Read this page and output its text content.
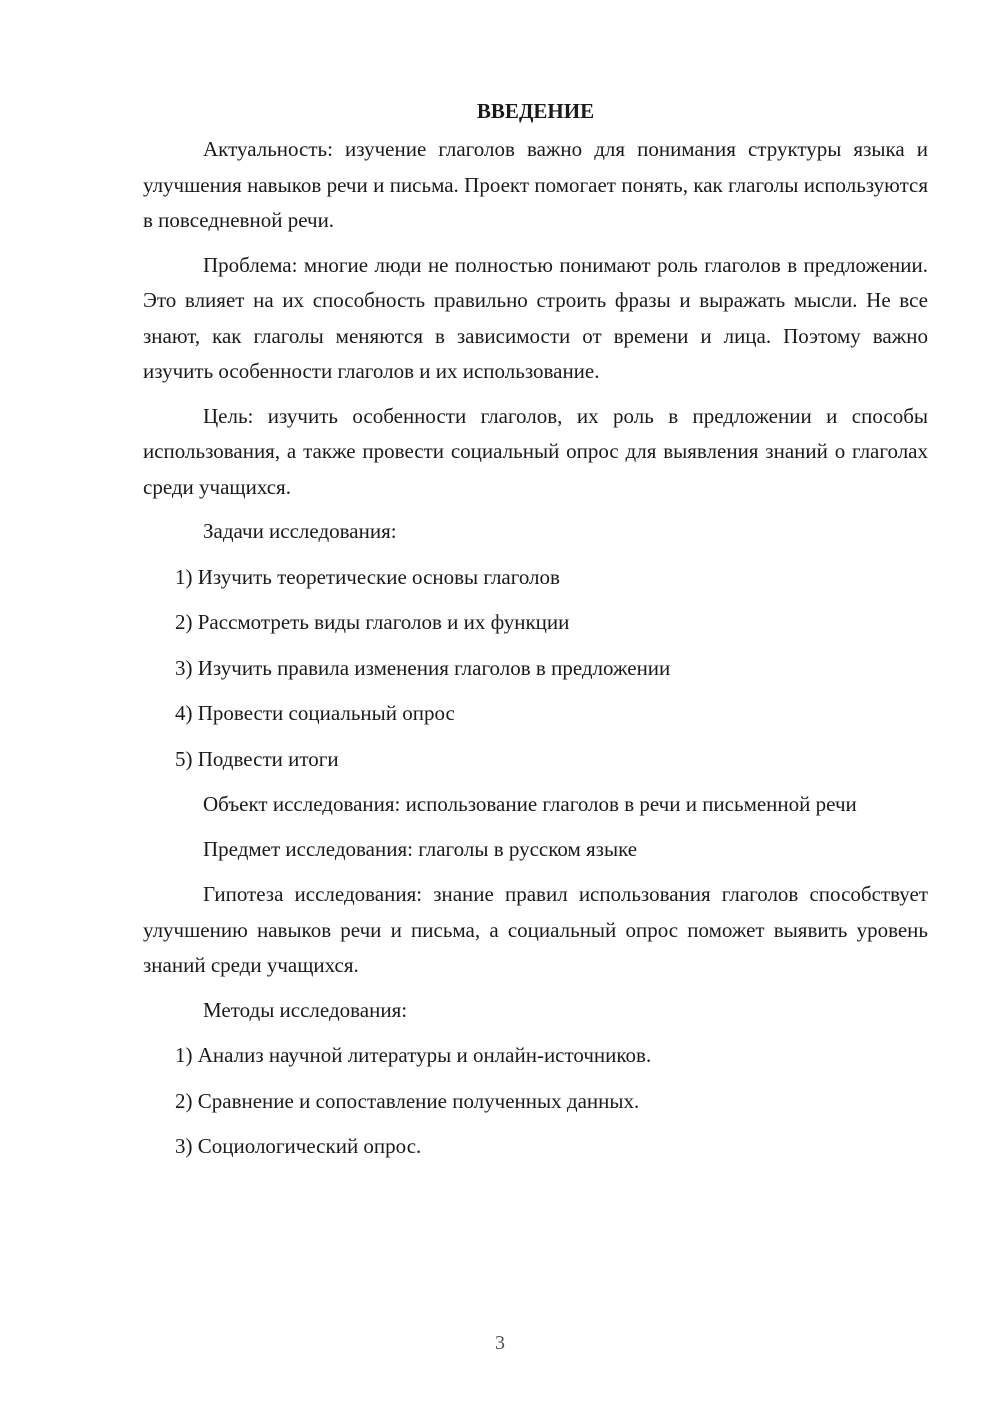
ВВЕДЕНИЕ

Актуальность: изучение глаголов важно для понимания структуры языка и улучшения навыков речи и письма. Проект помогает понять, как глаголы используются в повседневной речи.

Проблема: многие люди не полностью понимают роль глаголов в предложении. Это влияет на их способность правильно строить фразы и выражать мысли. Не все знают, как глаголы меняются в зависимости от времени и лица. Поэтому важно изучить особенности глаголов и их использование.

Цель: изучить особенности глаголов, их роль в предложении и способы использования, а также провести социальный опрос для выявления знаний о глаголах среди учащихся.

Задачи исследования:

1) Изучить теоретические основы глаголов

2) Рассмотреть виды глаголов и их функции

3) Изучить правила изменения глаголов в предложении

4) Провести социальный опрос

5) Подвести итоги

Объект исследования: использование глаголов в речи и письменной речи

Предмет исследования: глаголы в русском языке

Гипотеза исследования: знание правил использования глаголов способствует улучшению навыков речи и письма, а социальный опрос поможет выявить уровень знаний среди учащихся.

Методы исследования:

1) Анализ научной литературы и онлайн-источников.

2) Сравнение и сопоставление полученных данных.

3) Социологический опрос.

3
